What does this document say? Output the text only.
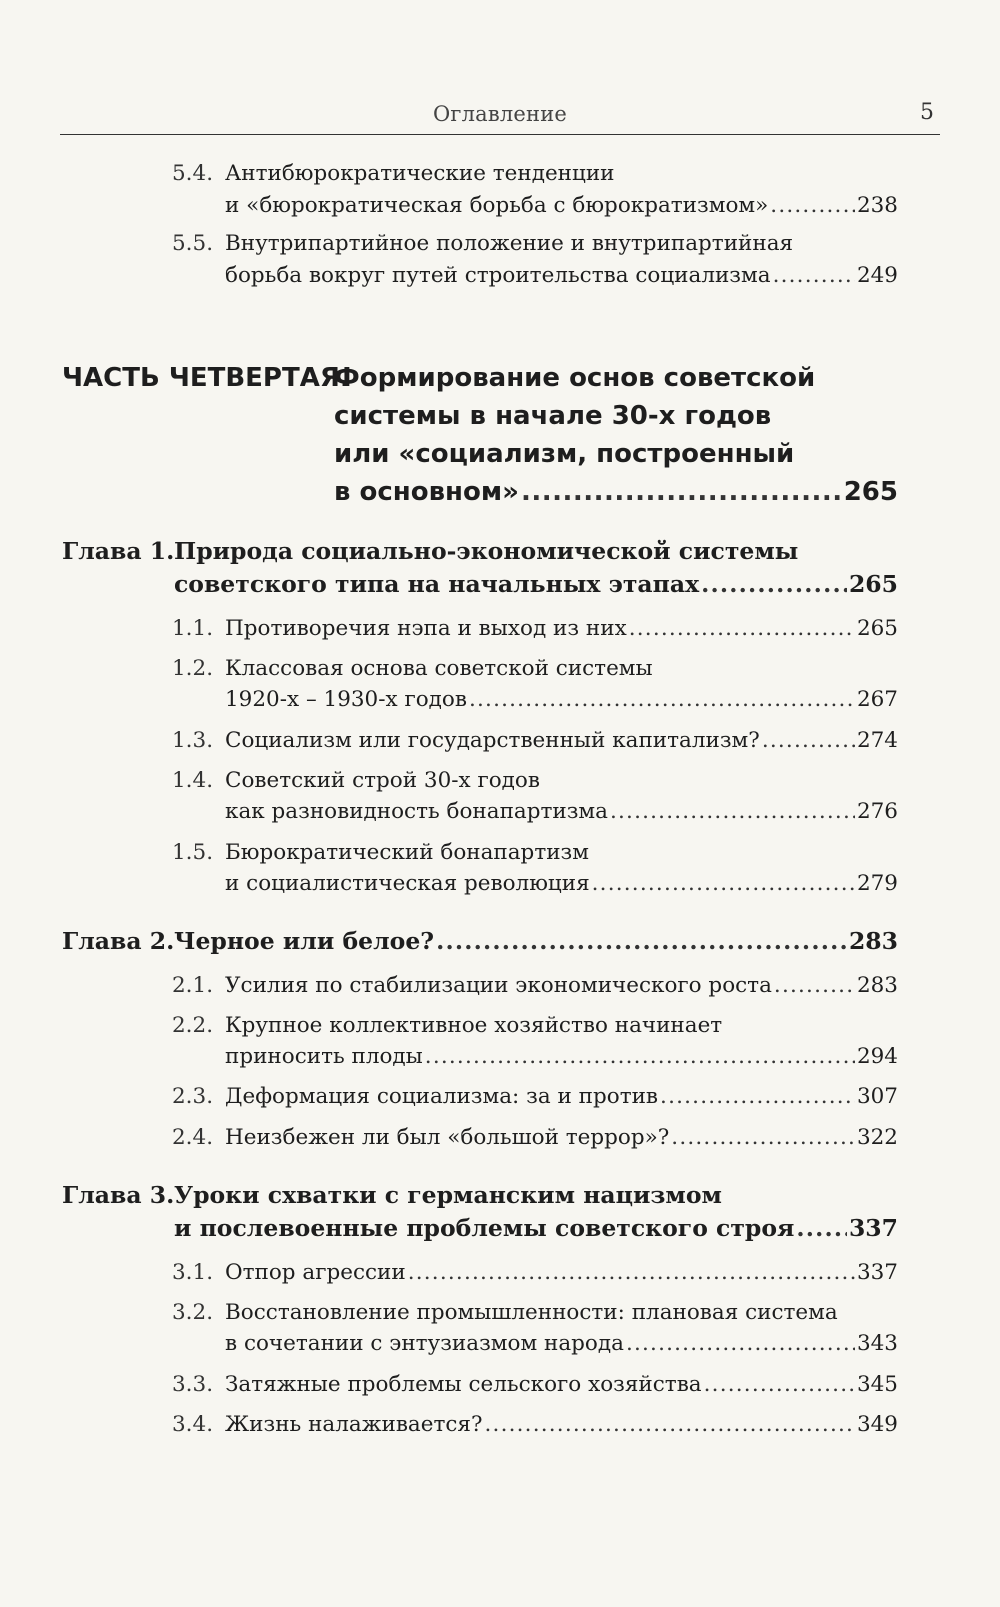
Оглавление	5
5.4. Антибюрократические тенденции
и «бюрократическая борьба с бюрократизмом» .....	238
5.5. Внутрипартийное положение и внутрипартийная
борьба вокруг путей строительства социализма .....	249
ЧАСТЬ ЧЕТВЕРТАЯ.
Формирование основ советской
системы в начале 30-х годов
или «социализм, построенный
в основном» .....	265
Глава 1. Природа социально-экономической системы
советского типа на начальных этапах .....	265
1.1. Противоречия нэпа и выход из них .....	265
1.2. Классовая основа советской системы
1920-х – 1930-х годов .....	267
1.3. Социализм или государственный капитализм? .....	274
1.4. Советский строй 30-х годов
как разновидность бонапартизма .....	276
1.5. Бюрократический бонапартизм
и социалистическая революция .....	279
Глава 2. Черное или белое? .....	283
2.1. Усилия по стабилизации экономического роста .....	283
2.2. Крупное коллективное хозяйство начинает
приносить плоды .....	294
2.3. Деформация социализма: за и против .....	307
2.4. Неизбежен ли был «большой террор»? .....	322
Глава 3. Уроки схватки с германским нацизмом
и послевоенные проблемы советского строя ..... 337
3.1. Отпор агрессии .....	337
3.2. Восстановление промышленности: плановая система
в сочетании с энтузиазмом народа .....	343
3.3. Затяжные проблемы сельского хозяйства .....	345
3.4. Жизнь налаживается? .....	349
